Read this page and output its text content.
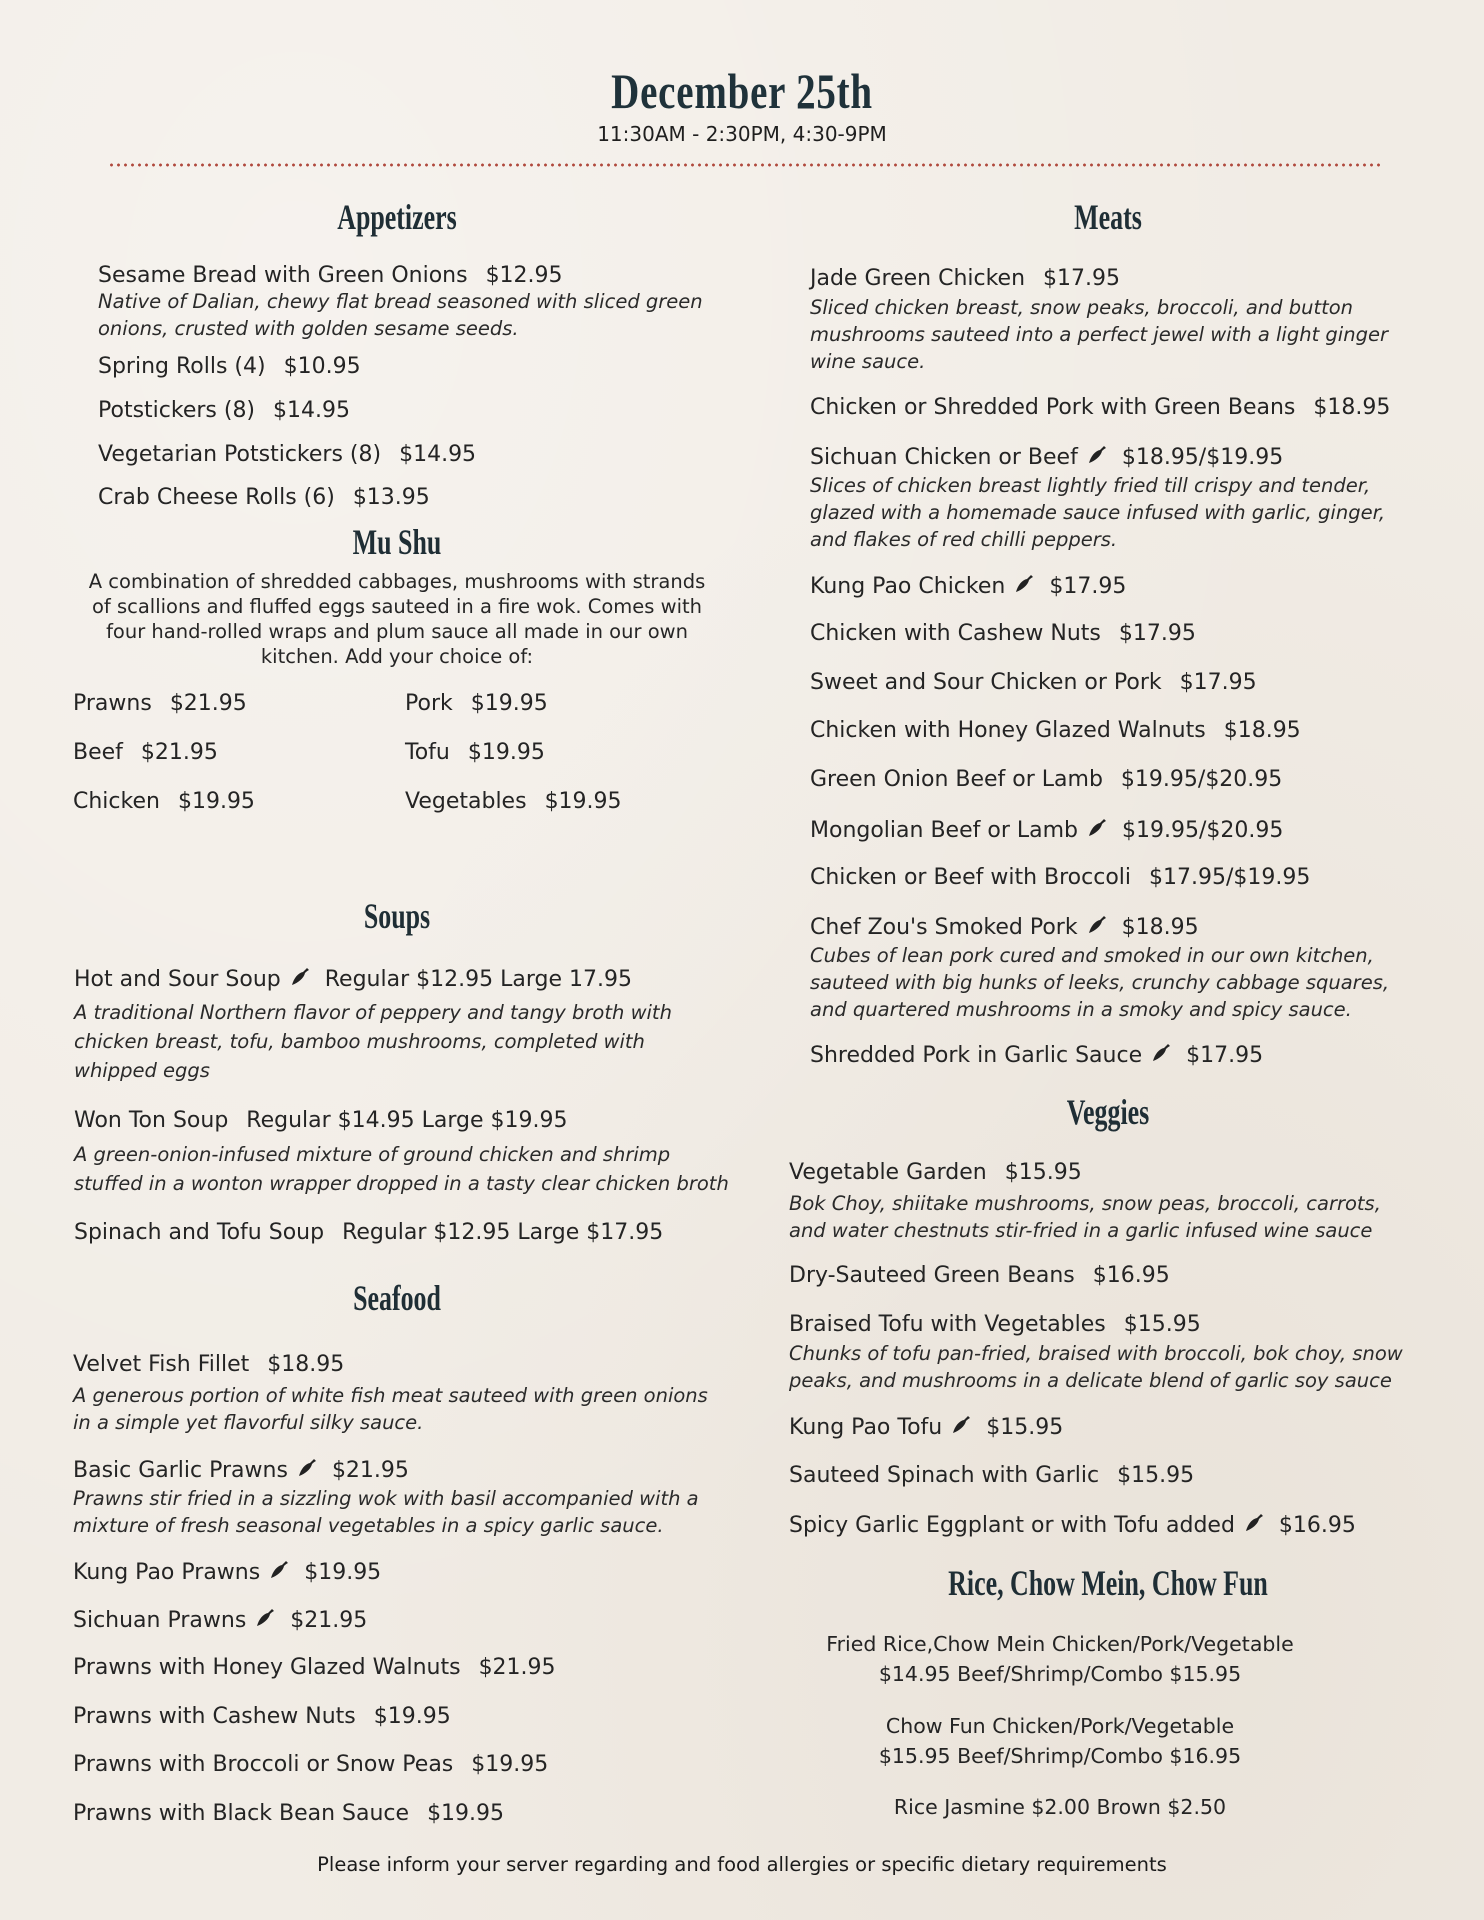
December 25th
11:30AM - 2:30PM, 4:30-9PM
Appetizers
Sesame Bread with Green Onions $12.95
Native of Dalian, chewy flat bread seasoned with sliced green onions, crusted with golden sesame seeds.
Spring Rolls (4) $10.95
Potstickers (8) $14.95
Vegetarian Potstickers (8) $14.95
Crab Cheese Rolls (6) $13.95
Mu Shu
A combination of shredded cabbages, mushrooms with strands of scallions and fluffed eggs sauteed in a fire wok. Comes with four hand-rolled wraps and plum sauce all made in our own kitchen. Add your choice of:
Prawns $21.95	Pork $19.95
Beef $21.95	Tofu $19.95
Chicken $19.95	Vegetables $19.95
Soups
Hot and Sour Soup Regular $12.95 Large 17.95
A traditional Northern flavor of peppery and tangy broth with chicken breast, tofu, bamboo mushrooms, completed with whipped eggs
Won Ton Soup Regular $14.95 Large $19.95
A green-onion-infused mixture of ground chicken and shrimp stuffed in a wonton wrapper dropped in a tasty clear chicken broth
Spinach and Tofu Soup Regular $12.95 Large $17.95
Seafood
Velvet Fish Fillet $18.95
A generous portion of white fish meat sauteed with green onions in a simple yet flavorful silky sauce.
Basic Garlic Prawns $21.95
Prawns stir fried in a sizzling wok with basil accompanied with a mixture of fresh seasonal vegetables in a spicy garlic sauce.
Kung Pao Prawns $19.95
Sichuan Prawns $21.95
Prawns with Honey Glazed Walnuts $21.95
Prawns with Cashew Nuts $19.95
Prawns with Broccoli or Snow Peas $19.95
Prawns with Black Bean Sauce $19.95
Meats
Jade Green Chicken $17.95
Sliced chicken breast, snow peaks, broccoli, and button mushrooms sauteed into a perfect jewel with a light ginger wine sauce.
Chicken or Shredded Pork with Green Beans $18.95
Sichuan Chicken or Beef $18.95/$19.95
Slices of chicken breast lightly fried till crispy and tender, glazed with a homemade sauce infused with garlic, ginger, and flakes of red chilli peppers.
Kung Pao Chicken $17.95
Chicken with Cashew Nuts $17.95
Sweet and Sour Chicken or Pork $17.95
Chicken with Honey Glazed Walnuts $18.95
Green Onion Beef or Lamb $19.95/$20.95
Mongolian Beef or Lamb $19.95/$20.95
Chicken or Beef with Broccoli $17.95/$19.95
Chef Zou's Smoked Pork $18.95
Cubes of lean pork cured and smoked in our own kitchen, sauteed with big hunks of leeks, crunchy cabbage squares, and quartered mushrooms in a smoky and spicy sauce.
Shredded Pork in Garlic Sauce $17.95
Veggies
Vegetable Garden $15.95
Bok Choy, shiitake mushrooms, snow peas, broccoli, carrots, and water chestnuts stir-fried in a garlic infused wine sauce
Dry-Sauteed Green Beans $16.95
Braised Tofu with Vegetables $15.95
Chunks of tofu pan-fried, braised with broccoli, bok choy, snow peaks, and mushrooms in a delicate blend of garlic soy sauce
Kung Pao Tofu $15.95
Sauteed Spinach with Garlic $15.95
Spicy Garlic Eggplant or with Tofu added $16.95
Rice, Chow Mein, Chow Fun
Fried Rice,Chow Mein Chicken/Pork/Vegetable
$14.95 Beef/Shrimp/Combo $15.95
Chow Fun Chicken/Pork/Vegetable
$15.95 Beef/Shrimp/Combo $16.95
Rice Jasmine $2.00 Brown $2.50
Please inform your server regarding and food allergies or specific dietary requirements
